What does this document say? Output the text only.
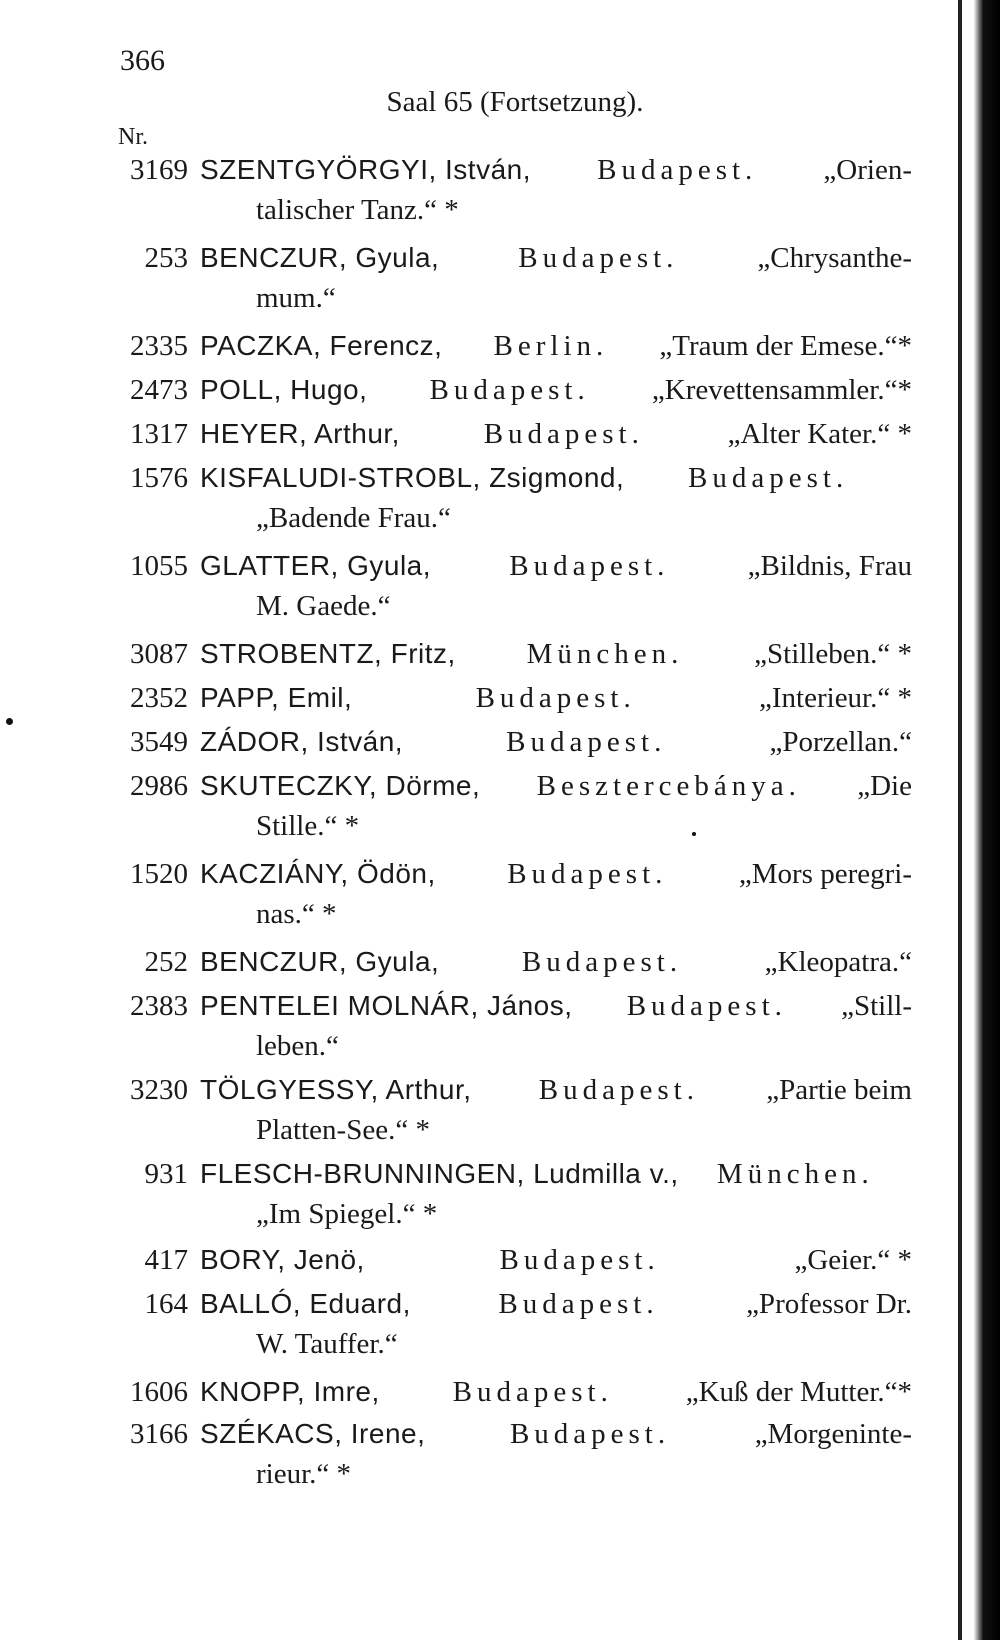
366
Saal 65 (Fortsetzung).
Nr.
3169 SZENTGYÖRGYI, István, Budapest. „Orien-
talischer Tanz.“ *
253 BENCZUR, Gyula,	Budapest.	„Chrysanthe-
mum.“
2335 PACZKA, Ferencz, Berlin. „Traum der Emese.“*
2473 POLL, Hugo, Budapest. „Krevettensammler.“*
1317 HEYER, Arthur,	Budapest.	„Alter Kater.“ *
1576 KISFALUDI-STROBL, Zsigmond, Budapest.
„Badende Frau.“
1055 GLATTER, Gyula,	Budapest.	„Bildnis, Frau
M. Gaede.“
3087 STROBENTZ, Fritz, München. „Stilleben.“ *
2352 PAPP, Emil,	Budapest.	„Interieur.“ *
3549 ZÁDOR, István,	Budapest.	„Porzellan.“
2986 SKUTECZKY, Dörme, Besztercebánya. „Die
Stille.“ *
1520 KACZIÁNY, Ödön, Budapest. „Mors peregri-
nas.“ *
252 BENCZUR, Gyula,	Budapest.	„Kleopatra.“
2383 PENTELEI MOLNÁR, János, Budapest. „Still-
leben.“
3230 TÖLGYESSY, Arthur, Budapest. „Partie beim
Platten-See.“ *
931 FLESCH-BRUNNINGEN, Ludmilla v., München.
„Im Spiegel.“ *
417 BORY, Jenö,	Budapest.	„Geier.“ *
164 BALLÓ, Eduard,	Budapest.	„Professor Dr.
W. Tauffer.“
1606 KNOPP, Imre,	Budapest.	„Kuß der Mutter.“*
3166 SZÉKACS, Irene,	Budapest.	„Morgeninte-
rieur.“ *
